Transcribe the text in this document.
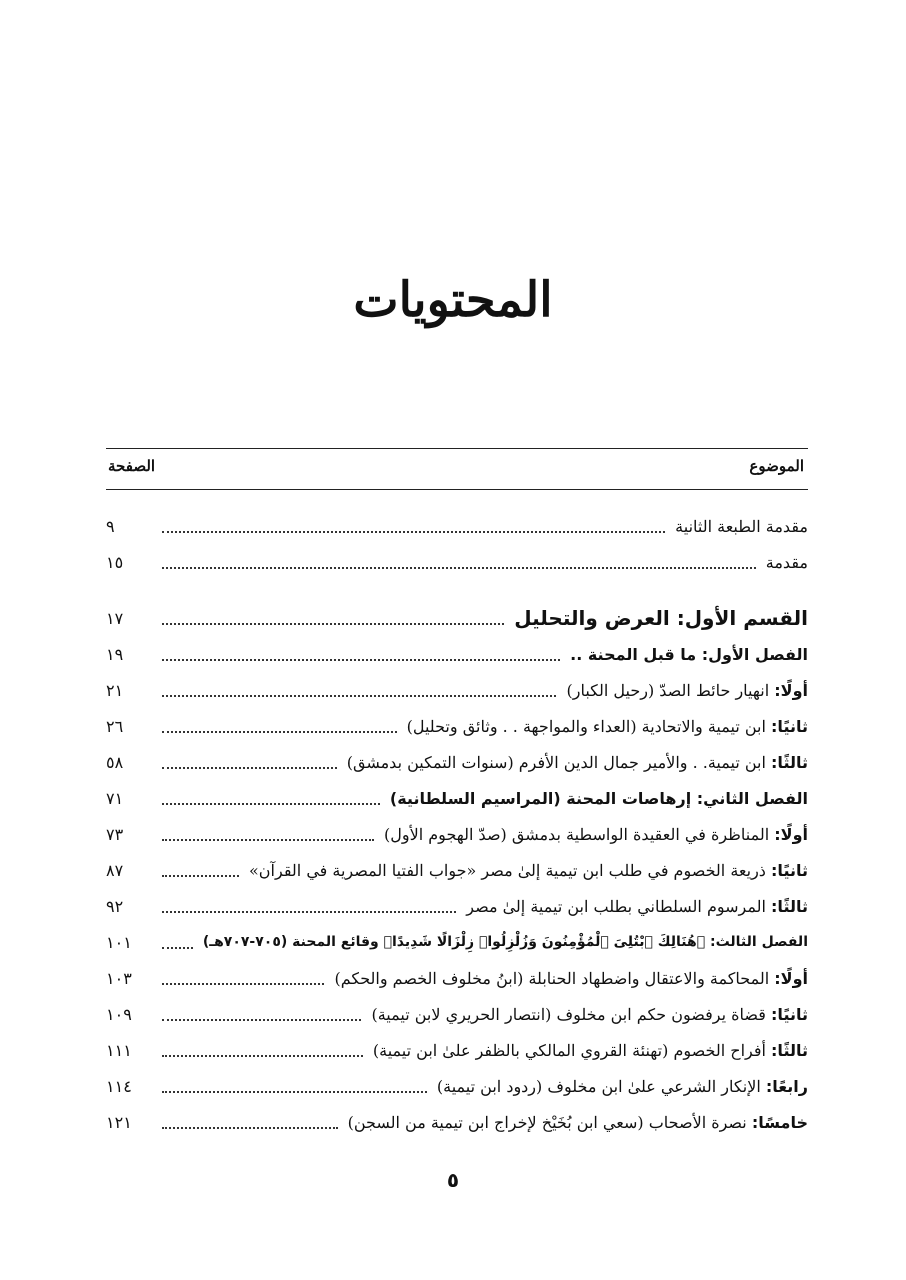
المحتويات
الموضوع
الصفحة
مقدمة الطبعة الثانية
٩
مقدمة
١٥
القسم الأول: العرض والتحليل
١٧
الفصل الأول: ما قبل المحنة ..
١٩
أولًا: انهيار حائط الصدّ (رحيل الكبار)
٢١
ثانيًا: ابن تيمية والاتحادية (العداء والمواجهة . . وثائق وتحليل)
٢٦
ثالثًا: ابن تيمية. . والأمير جمال الدين الأفرم (سنوات التمكين بدمشق)
٥٨
الفصل الثاني: إرهاصات المحنة (المراسيم السلطانية)
٧١
أولًا: المناظرة في العقيدة الواسطية بدمشق (صدّ الهجوم الأول)
٧٣
ثانيًا: ذريعة الخصوم في طلب ابن تيمية إلىٰ مصر «جواب الفتيا المصرية في القرآن»
٨٧
ثالثًا: المرسوم السلطاني بطلب ابن تيمية إلىٰ مصر
٩٢
الفصل الثالث: ﴿هُنَالِكَ ٱبْتُلِىَ ٱلْمُؤْمِنُونَ وَزُلْزِلُوا۟ زِلْزَالًا شَدِيدًا﴾ وقائع المحنة (٧٠٥-٧٠٧هـ)
١٠١
أولًا: المحاكمة والاعتقال واضطهاد الحنابلة (ابنُ مخلوف الخصم والحكم)
١٠٣
ثانيًا: قضاة يرفضون حكم ابن مخلوف (انتصار الحريري لابن تيمية)
١٠٩
ثالثًا: أفراح الخصوم (تهنئة القروي المالكي بالظفر علىٰ ابن تيمية)
١١١
رابعًا: الإنكار الشرعي علىٰ ابن مخلوف (ردود ابن تيمية)
١١٤
خامسًا: نصرة الأصحاب (سعي ابن بُخَيْخ لإخراج ابن تيمية من السجن)
١٢١
٥
